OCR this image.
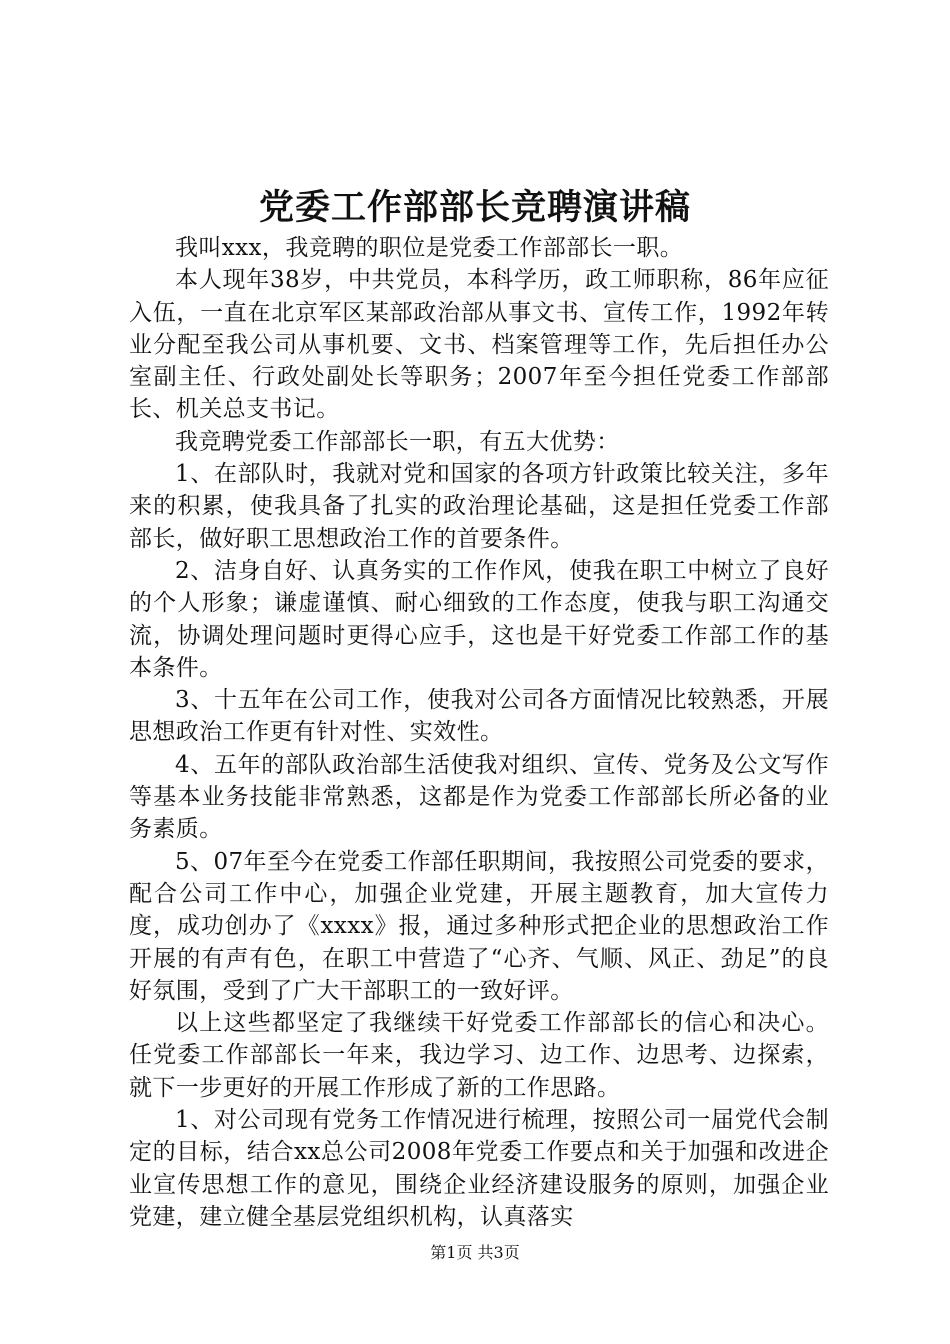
党委工作部部长竞聘演讲稿

我叫xxx，我竞聘的职位是党委工作部部长一职。

本人现年38岁，中共党员，本科学历，政工师职称，86年应征入伍，一直在北京军区某部政治部从事文书、宣传工作，1992年转业分配至我公司从事机要、文书、档案管理等工作，先后担任办公室副主任、行政处副处长等职务；2007年至今担任党委工作部部长、机关总支书记。

我竞聘党委工作部部长一职，有五大优势：

1、在部队时，我就对党和国家的各项方针政策比较关注，多年来的积累，使我具备了扎实的政治理论基础，这是担任党委工作部部长，做好职工思想政治工作的首要条件。

2、洁身自好、认真务实的工作作风，使我在职工中树立了良好的个人形象；谦虚谨慎、耐心细致的工作态度，使我与职工沟通交流，协调处理问题时更得心应手，这也是干好党委工作部工作的基本条件。

3、十五年在公司工作，使我对公司各方面情况比较熟悉，开展思想政治工作更有针对性、实效性。

4、五年的部队政治部生活使我对组织、宣传、党务及公文写作等基本业务技能非常熟悉，这都是作为党委工作部部长所必备的业务素质。

5、07年至今在党委工作部任职期间，我按照公司党委的要求，配合公司工作中心，加强企业党建，开展主题教育，加大宣传力度，成功创办了《xxxx》报，通过多种形式把企业的思想政治工作开展的有声有色，在职工中营造了“心齐、气顺、风正、劲足”的良好氛围，受到了广大干部职工的一致好评。

以上这些都坚定了我继续干好党委工作部部长的信心和决心。任党委工作部部长一年来，我边学习、边工作、边思考、边探索，就下一步更好的开展工作形成了新的工作思路。

1、对公司现有党务工作情况进行梳理，按照公司一届党代会制定的目标，结合xx总公司2008年党委工作要点和关于加强和改进企业宣传思想工作的意见，围绕企业经济建设服务的原则，加强企业党建，建立健全基层党组织机构，认真落实

第1页 共3页
